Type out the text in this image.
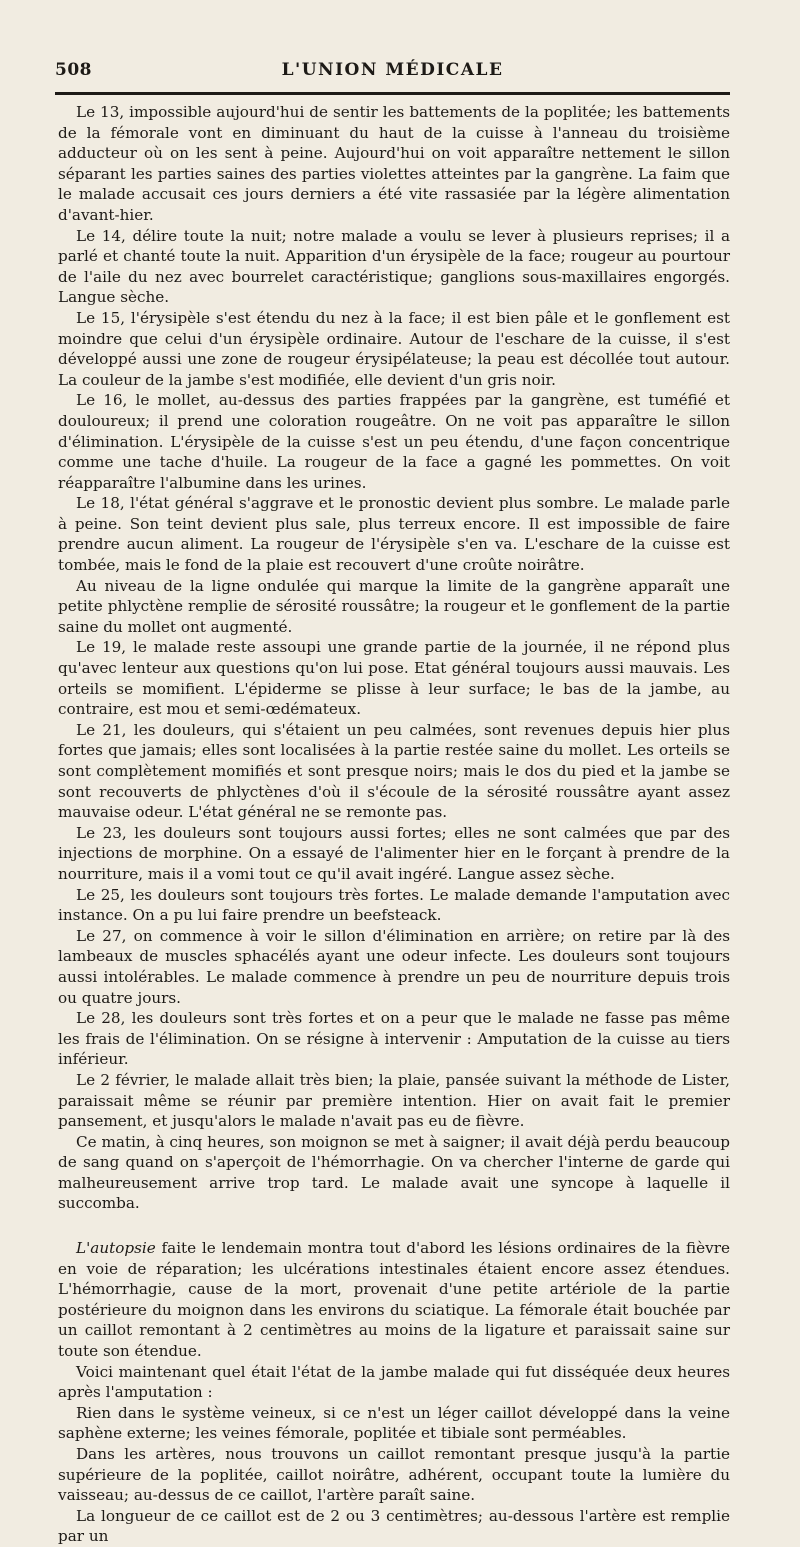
508	L'UNION MÉDICALE

Le 13, impossible aujourd'hui de sentir les battements de la poplitée; les battements de la fémorale vont en diminuant du haut de la cuisse à l'anneau du troisième adducteur où on les sent à peine. Aujourd'hui on voit apparaître nettement le sillon séparant les parties saines des parties violettes atteintes par la gangrène. La faim que le malade accusait ces jours derniers a été vite rassasiée par la légère alimentation d'avant-hier.

Le 14, délire toute la nuit; notre malade a voulu se lever à plusieurs reprises; il a parlé et chanté toute la nuit. Apparition d'un érysipèle de la face; rougeur au pourtour de l'aile du nez avec bourrelet caractéristique; ganglions sous-maxillaires engorgés. Langue sèche.

Le 15, l'érysipèle s'est étendu du nez à la face; il est bien pâle et le gonflement est moindre que celui d'un érysipèle ordinaire. Autour de l'eschare de la cuisse, il s'est développé aussi une zone de rougeur érysipélateuse; la peau est décollée tout autour. La couleur de la jambe s'est modifiée, elle devient d'un gris noir.

Le 16, le mollet, au-dessus des parties frappées par la gangrène, est tuméfié et douloureux; il prend une coloration rougeâtre. On ne voit pas apparaître le sillon d'élimination. L'érysipèle de la cuisse s'est un peu étendu, d'une façon concentrique comme une tache d'huile. La rougeur de la face a gagné les pommettes. On voit réapparaître l'albumine dans les urines.

Le 18, l'état général s'aggrave et le pronostic devient plus sombre. Le malade parle à peine. Son teint devient plus sale, plus terreux encore. Il est impossible de faire prendre aucun aliment. La rougeur de l'érysipèle s'en va. L'eschare de la cuisse est tombée, mais le fond de la plaie est recouvert d'une croûte noirâtre.

Au niveau de la ligne ondulée qui marque la limite de la gangrène apparaît une petite phlyctène remplie de sérosité roussâtre; la rougeur et le gonflement de la partie saine du mollet ont augmenté.

Le 19, le malade reste assoupi une grande partie de la journée, il ne répond plus qu'avec lenteur aux questions qu'on lui pose. Etat général toujours aussi mauvais. Les orteils se momifient. L'épiderme se plisse à leur surface; le bas de la jambe, au contraire, est mou et semi-œdémateux.

Le 21, les douleurs, qui s'étaient un peu calmées, sont revenues depuis hier plus fortes que jamais; elles sont localisées à la partie restée saine du mollet. Les orteils se sont complètement momifiés et sont presque noirs; mais le dos du pied et la jambe se sont recouverts de phlyctènes d'où il s'écoule de la sérosité roussâtre ayant assez mauvaise odeur. L'état général ne se remonte pas.

Le 23, les douleurs sont toujours aussi fortes; elles ne sont calmées que par des injections de morphine. On a essayé de l'alimenter hier en le forçant à prendre de la nourriture, mais il a vomi tout ce qu'il avait ingéré. Langue assez sèche.

Le 25, les douleurs sont toujours très fortes. Le malade demande l'amputation avec instance. On a pu lui faire prendre un beefsteack.

Le 27, on commence à voir le sillon d'élimination en arrière; on retire par là des lambeaux de muscles sphacélés ayant une odeur infecte. Les douleurs sont toujours aussi intolérables. Le malade commence à prendre un peu de nourriture depuis trois ou quatre jours.

Le 28, les douleurs sont très fortes et on a peur que le malade ne fasse pas même les frais de l'élimination. On se résigne à intervenir : Amputation de la cuisse au tiers inférieur.

Le 2 février, le malade allait très bien; la plaie, pansée suivant la méthode de Lister, paraissait même se réunir par première intention. Hier on avait fait le premier pansement, et jusqu'alors le malade n'avait pas eu de fièvre.

Ce matin, à cinq heures, son moignon se met à saigner; il avait déjà perdu beaucoup de sang quand on s'aperçoit de l'hémorrhagie. On va chercher l'interne de garde qui malheureusement arrive trop tard. Le malade avait une syncope à laquelle il succomba.

L'autopsie faite le lendemain montra tout d'abord les lésions ordinaires de la fièvre en voie de réparation; les ulcérations intestinales étaient encore assez étendues. L'hémorrhagie, cause de la mort, provenait d'une petite artériole de la partie postérieure du moignon dans les environs du sciatique. La fémorale était bouchée par un caillot remontant à 2 centimètres au moins de la ligature et paraissait saine sur toute son étendue.

Voici maintenant quel était l'état de la jambe malade qui fut disséquée deux heures après l'amputation :

Rien dans le système veineux, si ce n'est un léger caillot développé dans la veine saphène externe; les veines fémorale, poplitée et tibiale sont perméables.

Dans les artères, nous trouvons un caillot remontant presque jusqu'à la partie supérieure de la poplitée, caillot noirâtre, adhérent, occupant toute la lumière du vaisseau; au-dessus de ce caillot, l'artère paraît saine.

La longueur de ce caillot est de 2 ou 3 centimètres; au-dessous l'artère est remplie par un
